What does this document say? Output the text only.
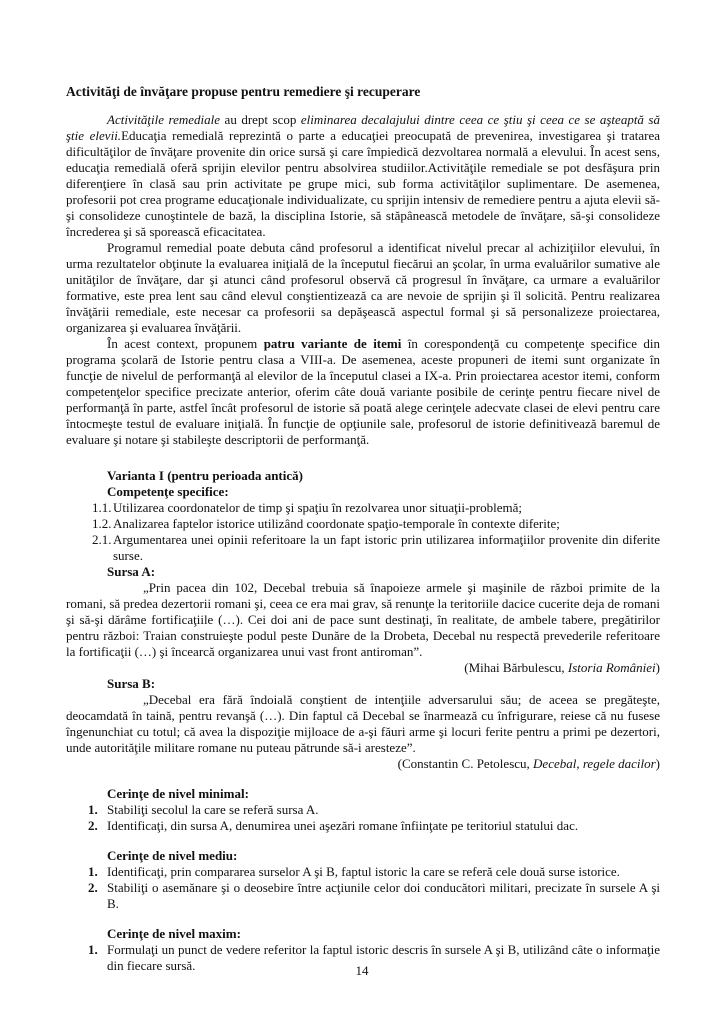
Activităţi de învăţare propuse pentru remediere şi recuperare

Activităţile remediale au drept scop eliminarea decalajului dintre ceea ce ştiu şi ceea ce se aşteaptă să ştie elevii.Educaţia remedială reprezintă o parte a educaţiei preocupată de prevenirea, investigarea şi tratarea dificultăţilor de învăţare provenite din orice sursă şi care împiedică dezvoltarea normală a elevului. În acest sens, educaţia remedială oferă sprijin elevilor pentru absolvirea studiilor.Activităţile remediale se pot desfăşura prin diferenţiere în clasă sau prin activitate pe grupe mici, sub forma activităţilor suplimentare. De asemenea, profesorii pot crea programe educaţionale individualizate, cu sprijin intensiv de remediere pentru a ajuta elevii să-şi consolideze cunoştintele de bază, la disciplina Istorie, să stăpânească metodele de învăţare, să-şi consolideze încrederea şi să sporească eficacitatea.

Programul remedial poate debuta când profesorul a identificat nivelul precar al achiziţiilor elevului, în urma rezultatelor obţinute la evaluarea iniţială de la începutul fiecărui an şcolar, în urma evaluărilor sumative ale unităţilor de învăţare, dar şi atunci când profesorul observă că progresul în învăţare, ca urmare a evaluărilor formative, este prea lent sau când elevul conştientizează ca are nevoie de sprijin şi îl solicită. Pentru realizarea învăţării remediale, este necesar ca profesorii sa depăşească aspectul formal şi să personalizeze proiectarea, organizarea şi evaluarea învăţării.

În acest context, propunem patru variante de itemi în corespondenţă cu competenţe specifice din programa şcolară de Istorie pentru clasa a VIII-a. De asemenea, aceste propuneri de itemi sunt organizate în funcţie de nivelul de performanţă al elevilor de la începutul clasei a IX-a. Prin proiectarea acestor itemi, conform competenţelor specifice precizate anterior, oferim câte două variante posibile de cerinţe pentru fiecare nivel de performanţă în parte, astfel încât profesorul de istorie să poată alege cerinţele adecvate clasei de elevi pentru care întocmeşte testul de evaluare iniţială. În funcţie de opţiunile sale, profesorul de istorie definitivează baremul de evaluare şi notare şi stabileşte descriptorii de performanţă.

Varianta I (pentru perioada antică)

Competenţe specifice:

1.1. Utilizarea coordonatelor de timp şi spaţiu în rezolvarea unor situaţii-problemă;
1.2. Analizarea faptelor istorice utilizând coordonate spaţio-temporale în contexte diferite;
2.1. Argumentarea unei opinii referitoare la un fapt istoric prin utilizarea informaţiilor provenite din diferite surse.

Sursa A:

„Prin pacea din 102, Decebal trebuia să înapoieze armele şi maşinile de război primite de la romani, să predea dezertorii romani şi, ceea ce era mai grav, să renunţe la teritoriile dacice cucerite deja de romani şi să-şi dărâme fortificaţiile (…). Cei doi ani de pace sunt destinaţi, în realitate, de ambele tabere, pregătirilor pentru război: Traian construieşte podul peste Dunăre de la Drobeta, Decebal nu respectă prevederile referitoare la fortificaţii (…) şi încearcă organizarea unui vast front antiroman”.

(Mihai Bărbulescu, Istoria României)

Sursa B:

„Decebal era fără îndoială conştient de intenţiile adversarului său; de aceea se pregăteşte, deocamdată în taină, pentru revanşă (…). Din faptul că Decebal se înarmează cu înfrigurare, reiese că nu fusese îngenunchiat cu totul; că avea la dispoziţie mijloace de a-şi făuri arme şi locuri ferite pentru a primi pe dezertori, unde autorităţile militare romane nu puteau pătrunde să-i aresteze”.

(Constantin C. Petolescu, Decebal, regele dacilor)

Cerinţe de nivel minimal:

1. Stabiliţi secolul la care se referă sursa A.
2. Identificaţi, din sursa A, denumirea unei aşezări romane înfiinţate pe teritoriul statului dac.

Cerinţe de nivel mediu:

1. Identificaţi, prin compararea surselor A şi B, faptul istoric la care se referă cele două surse istorice.
2. Stabiliţi o asemănare şi o deosebire între acţiunile celor doi conducători militari, precizate în sursele A şi B.

Cerinţe de nivel maxim:

1. Formulaţi un punct de vedere referitor la faptul istoric descris în sursele A şi B, utilizând câte o informaţie din fiecare sursă.	14
